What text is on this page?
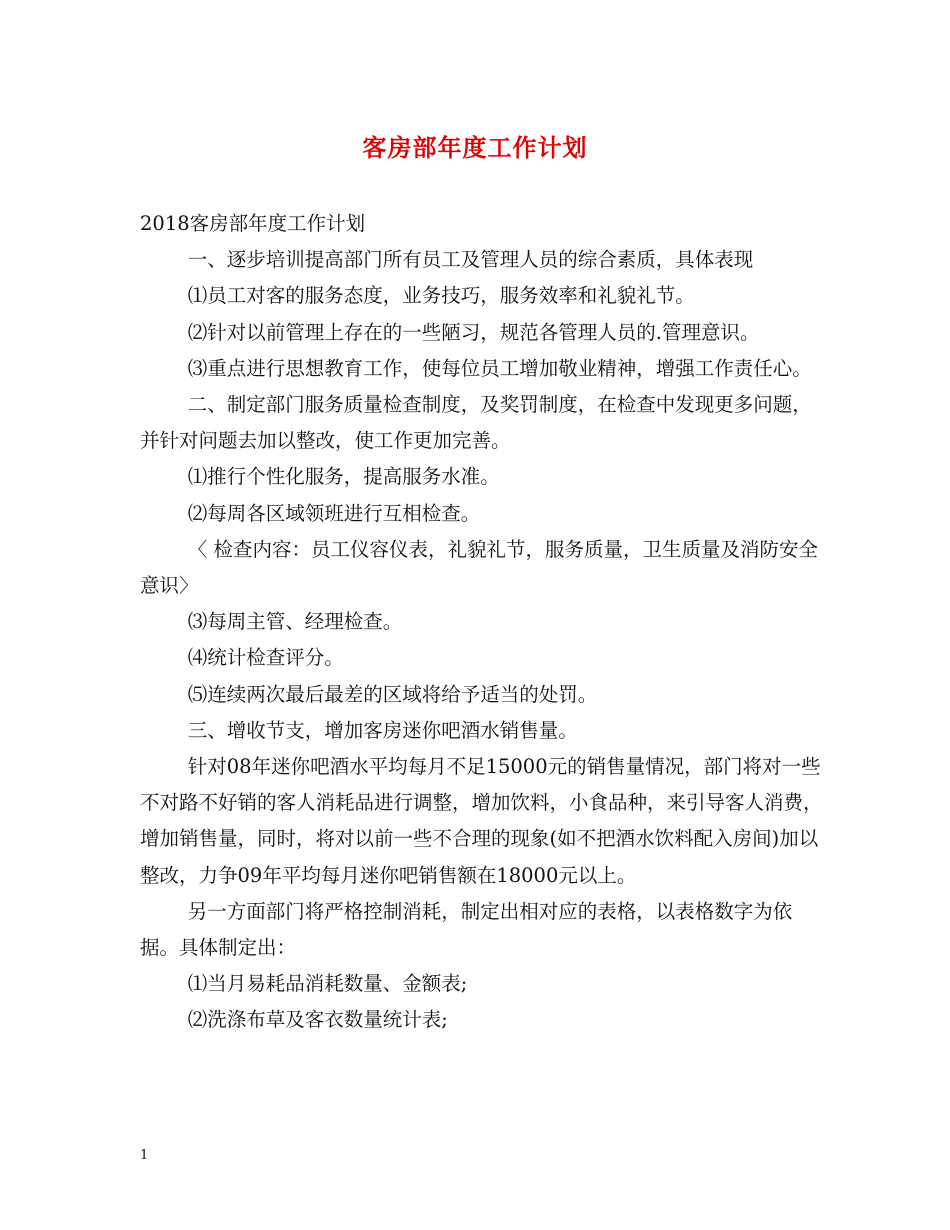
客房部年度工作计划

2018客房部年度工作计划

一、逐步培训提高部门所有员工及管理人员的综合素质，具体表现

⑴员工对客的服务态度，业务技巧，服务效率和礼貌礼节。

⑵针对以前管理上存在的一些陋习，规范各管理人员的.管理意识。

⑶重点进行思想教育工作，使每位员工增加敬业精神，增强工作责任心。

二、制定部门服务质量检查制度，及奖罚制度，在检查中发现更多问题，并针对问题去加以整改，使工作更加完善。

⑴推行个性化服务，提高服务水准。

⑵每周各区域领班进行互相检查。

〈 检查内容：员工仪容仪表，礼貌礼节，服务质量，卫生质量及消防安全意识〉

⑶每周主管、经理检查。

⑷统计检查评分。

⑸连续两次最后最差的区域将给予适当的处罚。

三、增收节支，增加客房迷你吧酒水销售量。

针对08年迷你吧酒水平均每月不足15000元的销售量情况，部门将对一些不对路不好销的客人消耗品进行调整，增加饮料，小食品种，来引导客人消费，增加销售量，同时，将对以前一些不合理的现象(如不把酒水饮料配入房间)加以整改，力争09年平均每月迷你吧销售额在18000元以上。

另一方面部门将严格控制消耗，制定出相对应的表格，以表格数字为依据。具体制定出：

⑴当月易耗品消耗数量、金额表;

⑵洗涤布草及客衣数量统计表;

1
